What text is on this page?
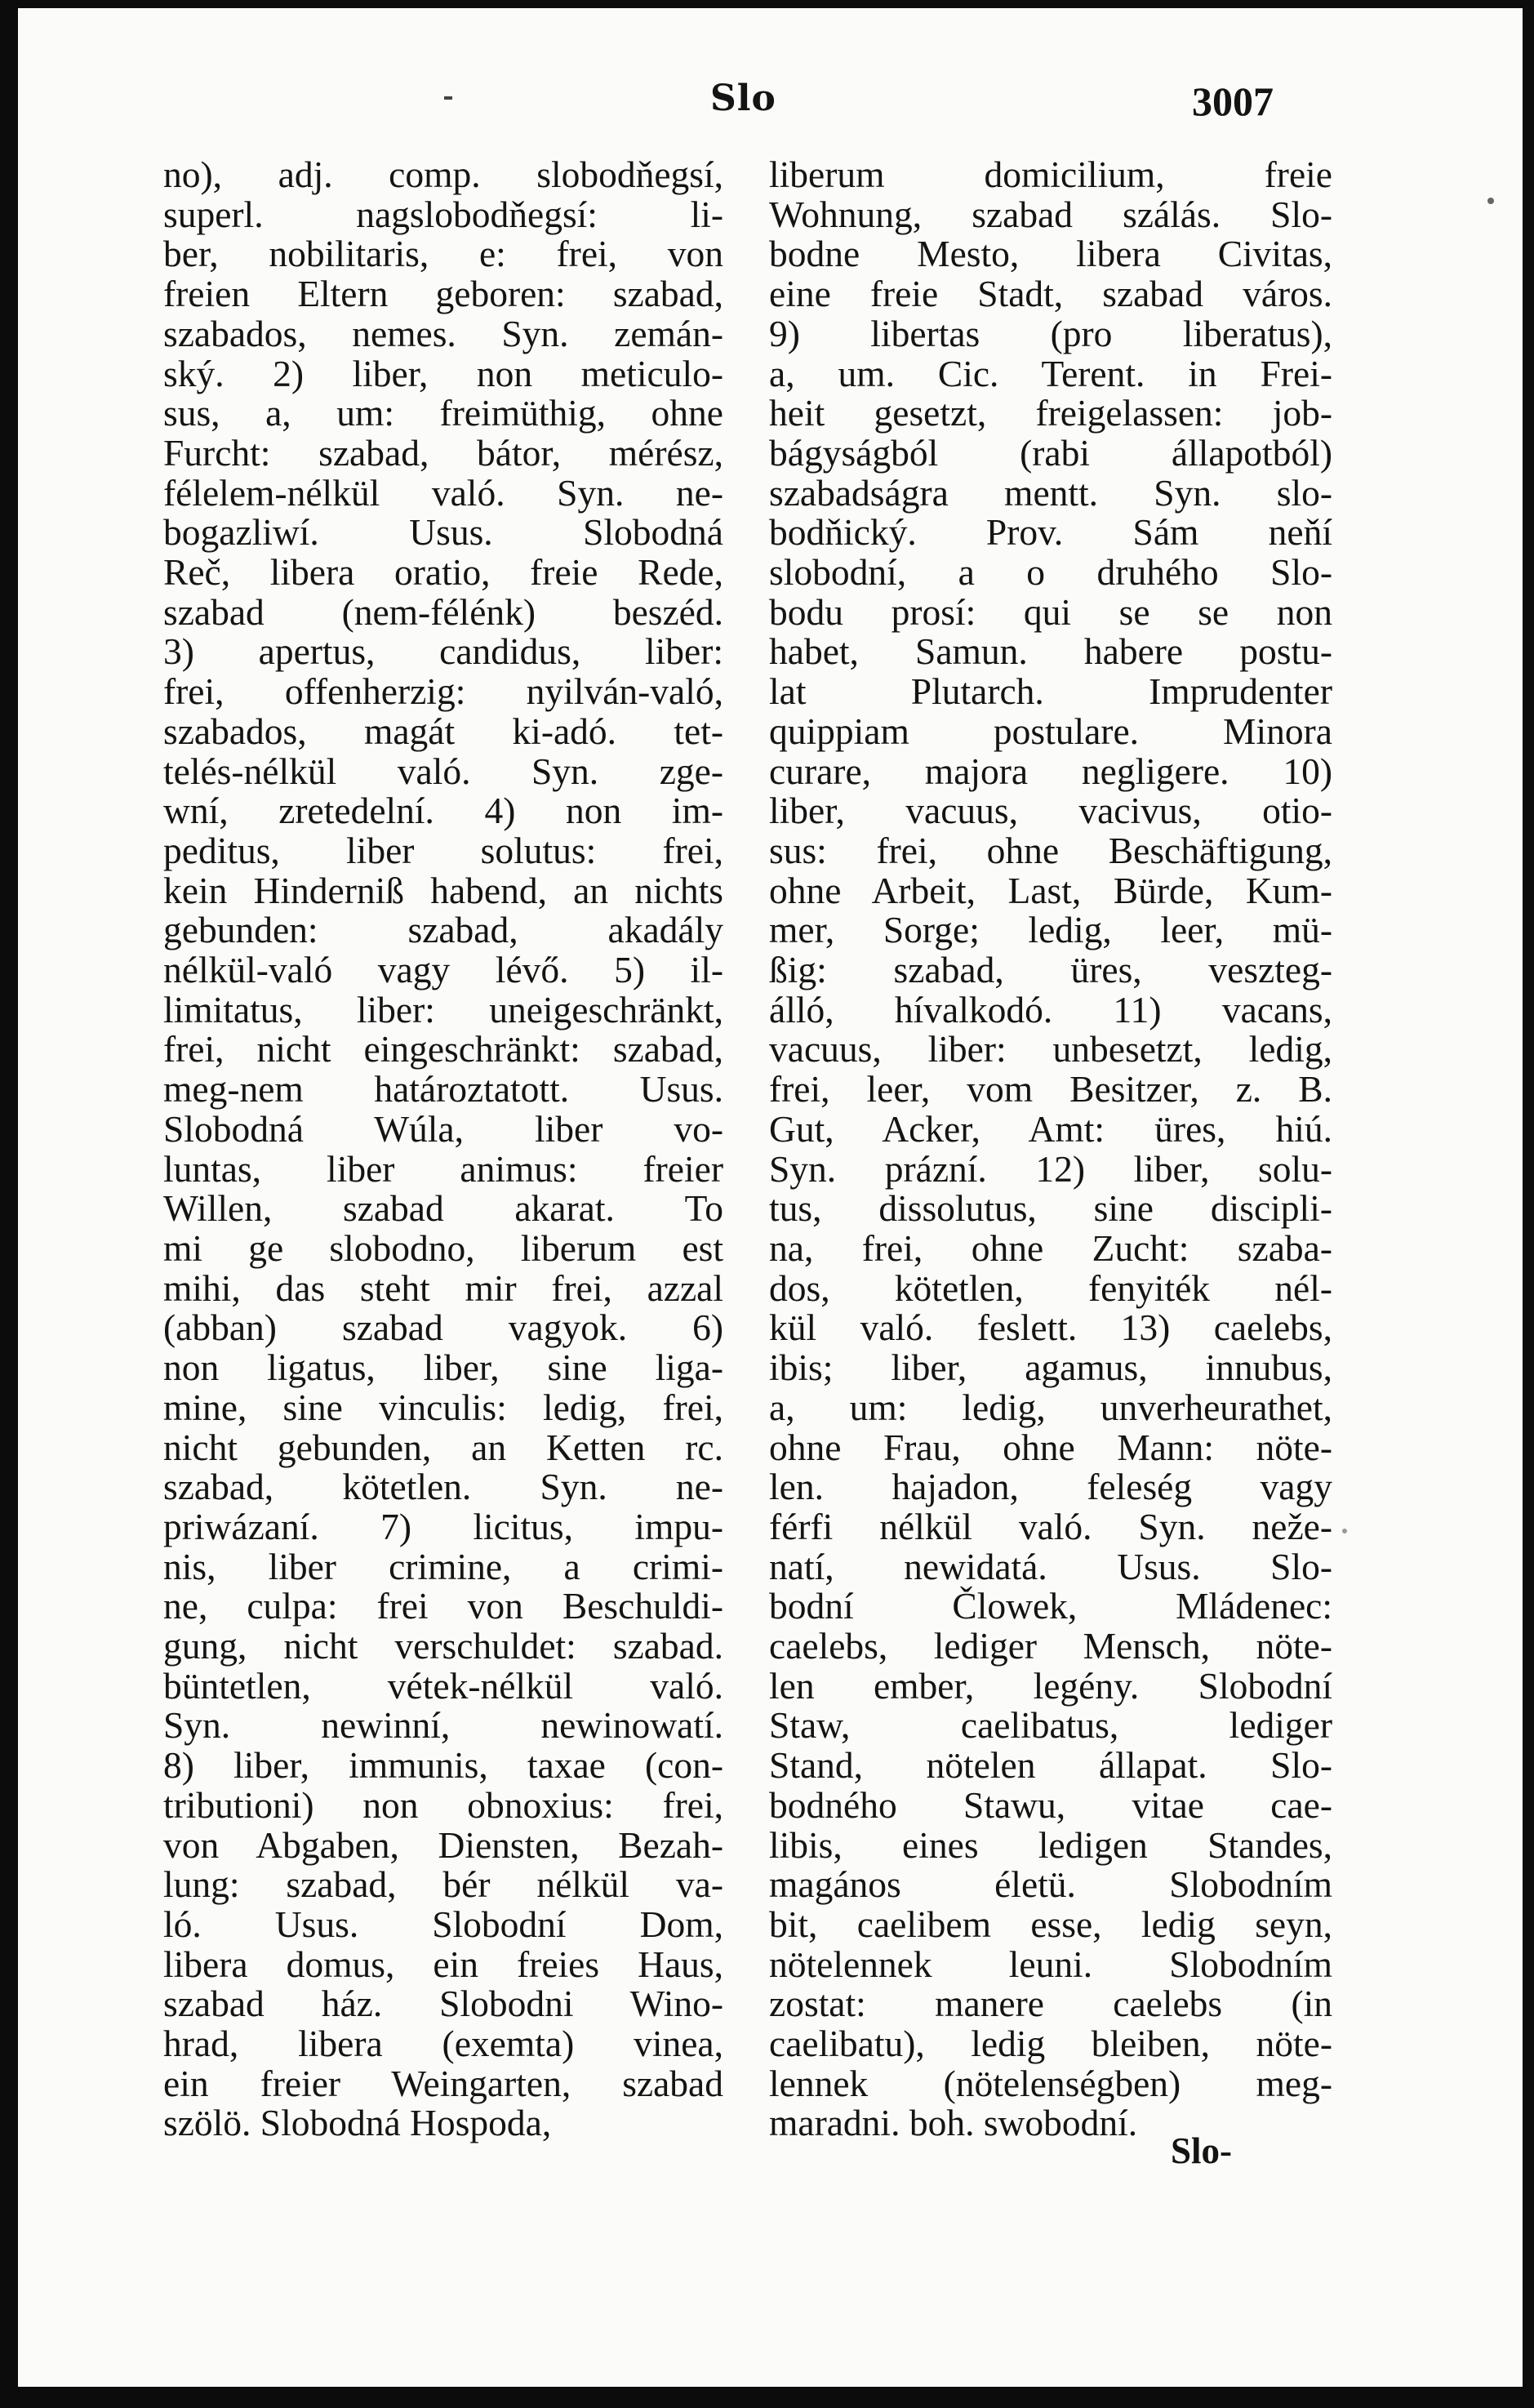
Slo	3007
no), adj. comp. slobodňegsí,
superl. nagslobodňegsí: li-
ber, nobilitaris, e: frei, von
freien Eltern geboren: szabad,
szabados, nemes. Syn. zemán-
ský. 2) liber, non meticulo-
sus, a, um: freimüthig, ohne
Furcht: szabad, bátor, mérész,
félelem-nélkül való. Syn. ne-
bogazliwí. Usus. Slobodná
Reč, libera oratio, freie Rede,
szabad (nem-félénk) beszéd.
3) apertus, candidus, liber:
frei, offenherzig: nyilván-való,
szabados, magát ki-adó. tet-
telés-nélkül való. Syn. zge-
wní, zretedelní. 4) non im-
peditus, liber solutus: frei,
kein Hinderniß habend, an nichts
gebunden: szabad, akadály
nélkül-való vagy lévő. 5) il-
limitatus, liber: uneigeschränkt,
frei, nicht eingeschränkt: szabad,
meg-nem határoztatott. Usus.
Slobodná Wúla, liber vo-
luntas, liber animus: freier
Willen, szabad akarat. To
mi ge slobodno, liberum est
mihi, das steht mir frei, azzal
(abban) szabad vagyok. 6)
non ligatus, liber, sine liga-
mine, sine vinculis: ledig, frei,
nicht gebunden, an Ketten rc.
szabad, kötetlen. Syn. ne-
priwázaní. 7) licitus, impu-
nis, liber crimine, a crimi-
ne, culpa: frei von Beschuldi-
gung, nicht verschuldet: szabad.
büntetlen, vétek-nélkül való.
Syn. newinní, newinowatí.
8) liber, immunis, taxae (con-
tributioni) non obnoxius: frei,
von Abgaben, Diensten, Bezah-
lung: szabad, bér nélkül va-
ló. Usus. Slobodní Dom,
libera domus, ein freies Haus,
szabad ház. Slobodni Wino-
hrad, libera (exemta) vinea,
ein freier Weingarten, szabad
szölö. Slobodná Hospoda,
liberum domicilium, freie
Wohnung, szabad szálás. Slo-
bodne Mesto, libera Civitas,
eine freie Stadt, szabad város.
9) libertas (pro liberatus),
a, um. Cic. Terent. in Frei-
heit gesetzt, freigelassen: job-
bágyságból (rabi állapotból)
szabadságra mentt. Syn. slo-
bodňický. Prov. Sám neňí
slobodní, a o druhého Slo-
bodu prosí: qui se se non
habet, Samun. habere postu-
lat Plutarch. Imprudenter
quippiam postulare. Minora
curare, majora negligere. 10)
liber, vacuus, vacivus, otio-
sus: frei, ohne Beschäftigung,
ohne Arbeit, Last, Bürde, Kum-
mer, Sorge; ledig, leer, mü-
ßig: szabad, üres, veszteg-
álló, hívalkodó. 11) vacans,
vacuus, liber: unbesetzt, ledig,
frei, leer, vom Besitzer, z. B.
Gut, Acker, Amt: üres, hiú.
Syn. prázní. 12) liber, solu-
tus, dissolutus, sine discipli-
na, frei, ohne Zucht: szaba-
dos, kötetlen, fenyiték nél-
kül való. feslett. 13) caelebs,
ibis; liber, agamus, innubus,
a, um: ledig, unverheurathet,
ohne Frau, ohne Mann: nöte-
len. hajadon, feleség vagy
férfi nélkül való. Syn. neže-
natí, newidatá. Usus. Slo-
bodní Člowek, Mládenec:
caelebs, lediger Mensch, nöte-
len ember, legény. Slobodní
Staw, caelibatus, lediger
Stand, nötelen állapat. Slo-
bodného Stawu, vitae cae-
libis, eines ledigen Standes,
magános életü. Slobodním
bit, caelibem esse, ledig seyn,
nötelennek leuni. Slobodním
zostat: manere caelebs (in
caelibatu), ledig bleiben, nöte-
lennek (nötelenségben) meg-
maradni. boh. swobodní.
Slo-
